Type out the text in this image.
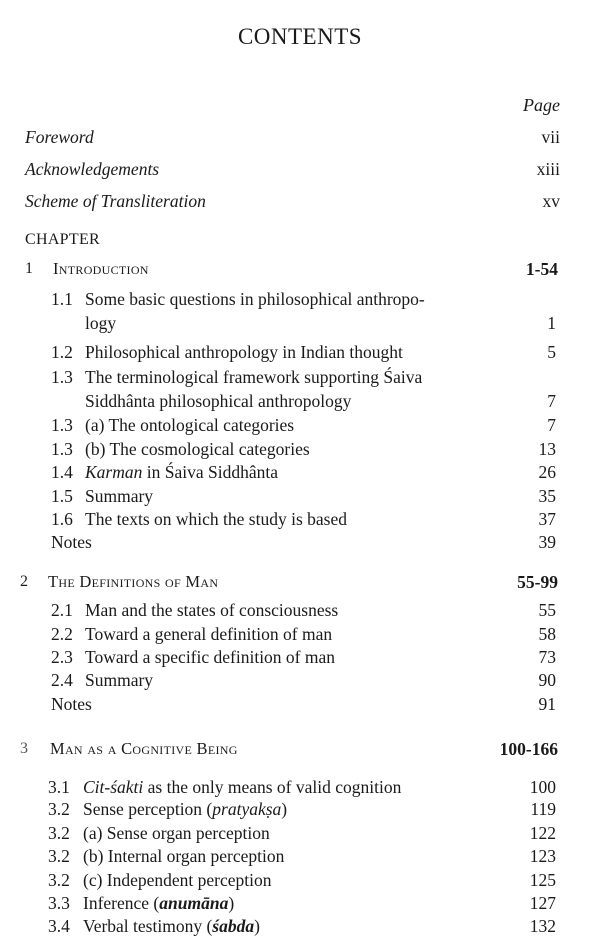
CONTENTS
Page
Foreword	vii
Acknowledgements	xiii
Scheme of Transliteration	xv
CHAPTER
1 Introduction	1-54
1.1 Some basic questions in philosophical anthropo-
logy	1
1.2 Philosophical anthropology in Indian thought	5
1.3 The terminological framework supporting Śaiva
Siddhânta philosophical anthropology	7
1.3 (a) The ontological categories	7
1.3 (b) The cosmological categories	13
1.4 Karman in Śaiva Siddhânta	26
1.5 Summary	35
1.6 The texts on which the study is based	37
Notes	39
2 The Definitions of Man	55-99
2.1 Man and the states of consciousness	55
2.2 Toward a general definition of man	58
2.3 Toward a specific definition of man	73
2.4 Summary	90
Notes	91
3 Man as a Cognitive Being	100-166
3.1 Cit-śakti as the only means of valid cognition	100
3.2 Sense perception (pratyakṣa)	119
3.2 (a) Sense organ perception	122
3.2 (b) Internal organ perception	123
3.2 (c) Independent perception	125
3.3 Inference (anumāna)	127
3.4 Verbal testimony (śabda)	132
